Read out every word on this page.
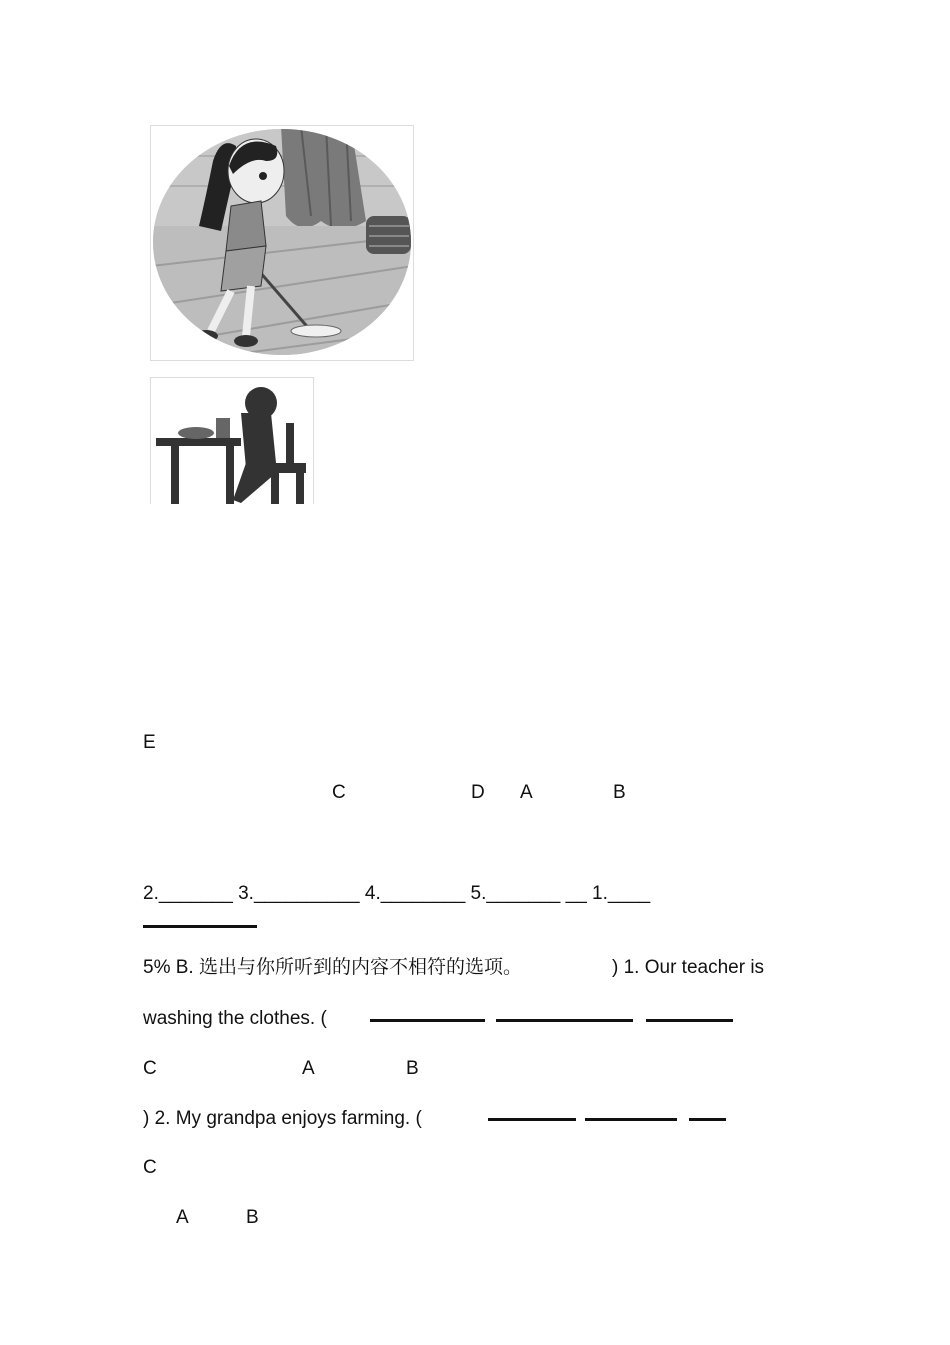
E
C	D A	B
2._______ 3.__________ 4.________ 5._______ __ 1.____
5% B. 选出与你所听到的内容不相符的选项。	) 1. Our teacher is
washing the clothes. (
C	A	B
) 2. My grandpa enjoys farming. (
C
A	B
